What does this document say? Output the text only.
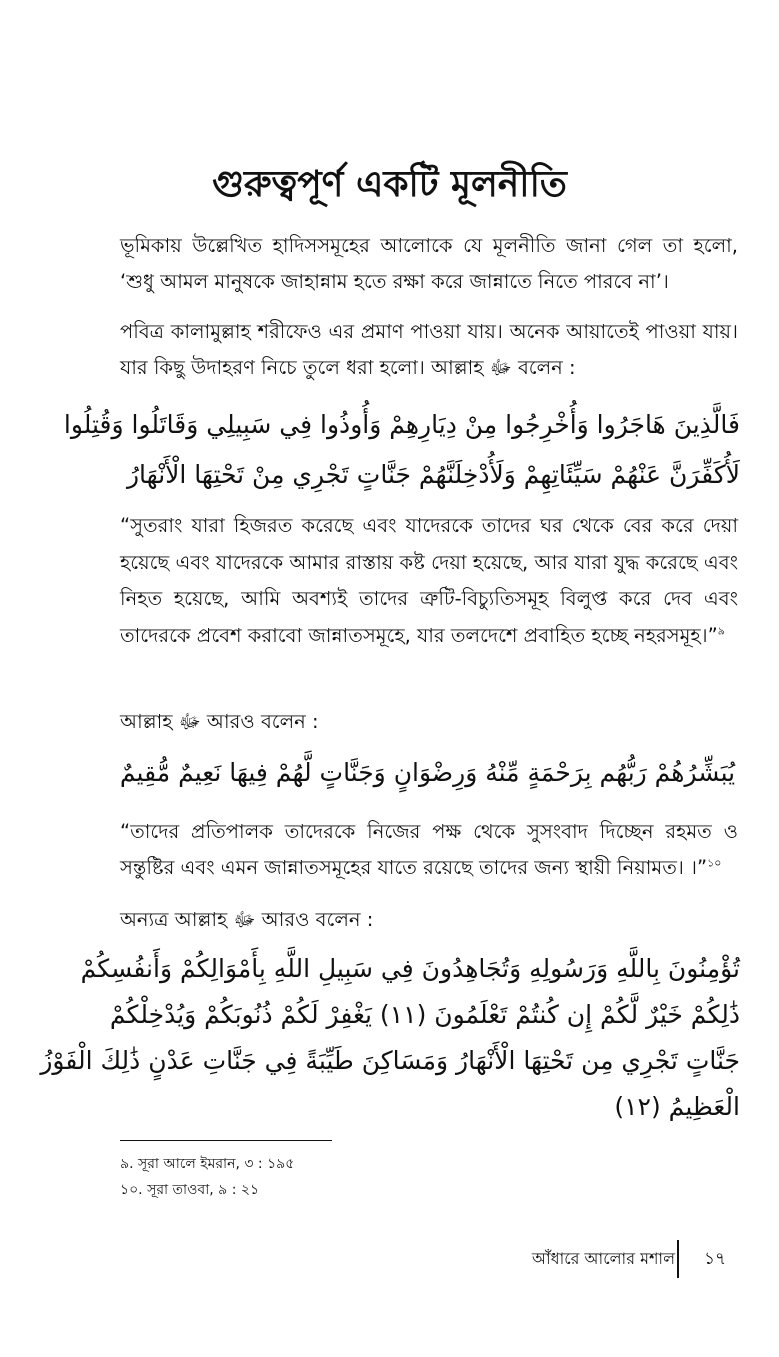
গুরুত্বপূর্ণ একটি মূলনীতি
ভূমিকায় উল্লেখিত হাদিসসমূহের আলোকে যে মূলনীতি জানা গেল তা হলো, ‘শুধু আমল মানুষকে জাহান্নাম হতে রক্ষা করে জান্নাতে নিতে পারবে না’।
পবিত্র কালামুল্লাহ শরীফেও এর প্রমাণ পাওয়া যায়। অনেক আয়াতেই পাওয়া যায়। যার কিছু উদাহরণ নিচে তুলে ধরা হলো। আল্লাহ ﷻ বলেন :
فَالَّذِينَ هَاجَرُوا وَأُخْرِجُوا مِنْ دِيَارِهِمْ وَأُوذُوا فِي سَبِيلِي وَقَاتَلُوا وَقُتِلُوا
لَأُكَفِّرَنَّ عَنْهُمْ سَيِّئَاتِهِمْ وَلَأُدْخِلَنَّهُمْ جَنَّاتٍ تَجْرِي مِنْ تَحْتِهَا الْأَنْهَارُ
“সুতরাং যারা হিজরত করেছে এবং যাদেরকে তাদের ঘর থেকে বের করে দেয়া হয়েছে এবং যাদেরকে আমার রাস্তায় কষ্ট দেয়া হয়েছে, আর যারা যুদ্ধ করেছে এবং নিহত হয়েছে, আমি অবশ্যই তাদের ত্রুটি-বিচ্যুতিসমূহ বিলুপ্ত করে দেব এবং তাদেরকে প্রবেশ করাবো জান্নাতসমূহে, যার তলদেশে প্রবাহিত হচ্ছে নহরসমূহ।”$^৯$
আল্লাহ ﷻ আরও বলেন :
يُبَشِّرُهُمْ رَبُّهُم بِرَحْمَةٍ مِّنْهُ وَرِضْوَانٍ وَجَنَّاتٍ لَّهُمْ فِيهَا نَعِيمٌ مُّقِيمٌ
“তাদের প্রতিপালক তাদেরকে নিজের পক্ষ থেকে সুসংবাদ দিচ্ছেন রহমত ও সন্তুষ্টির এবং এমন জান্নাতসমূহের যাতে রয়েছে তাদের জন্য স্থায়ী নিয়ামত। ।”$^{১০}$
অন্যত্র আল্লাহ ﷻ আরও বলেন :
تُؤْمِنُونَ بِاللَّهِ وَرَسُولِهِ وَتُجَاهِدُونَ فِي سَبِيلِ اللَّهِ بِأَمْوَالِكُمْ وَأَنفُسِكُمْ
ذَٰلِكُمْ خَيْرٌ لَّكُمْ إِن كُنتُمْ تَعْلَمُونَ (١١) يَغْفِرْ لَكُمْ ذُنُوبَكُمْ وَيُدْخِلْكُمْ
جَنَّاتٍ تَجْرِي مِن تَحْتِهَا الْأَنْهَارُ وَمَسَاكِنَ طَيِّبَةً فِي جَنَّاتِ عَدْنٍ ذَٰلِكَ الْفَوْزُ
الْعَظِيمُ (١٢)
৯. সূরা আলে ইমরান, ৩ : ১৯৫
১০. সূরা তাওবা, ৯ : ২১
আঁধারে আলোর মশাল ১৭
